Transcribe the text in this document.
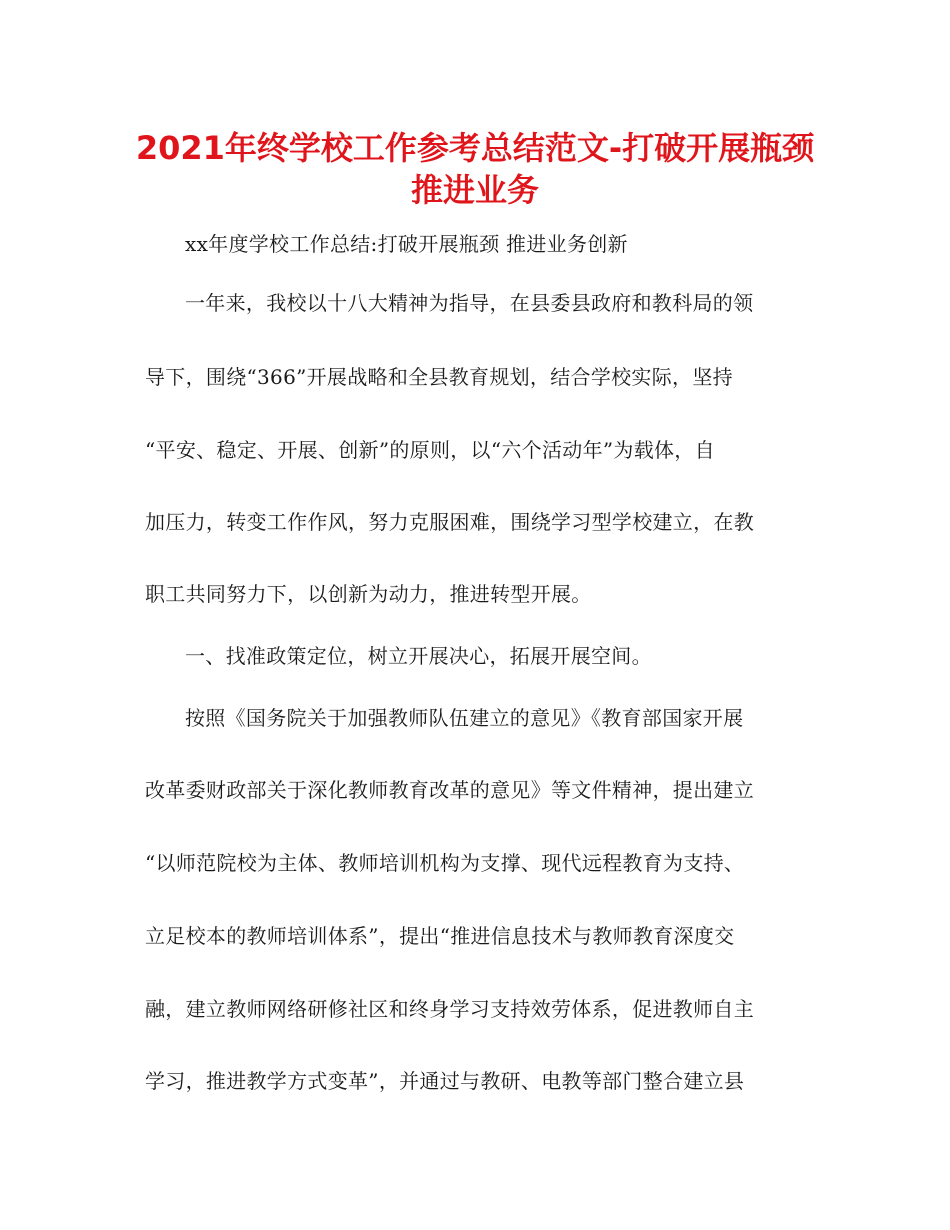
2021年终学校工作参考总结范文-打破开展瓶颈
推进业务
xx年度学校工作总结:打破开展瓶颈 推进业务创新
一年来，我校以十八大精神为指导，在县委县政府和教科局的领
导下，围绕“366”开展战略和全县教育规划，结合学校实际，坚持
“平安、稳定、开展、创新”的原则，以“六个活动年”为载体，自
加压力，转变工作作风，努力克服困难，围绕学习型学校建立，在教
职工共同努力下，以创新为动力，推进转型开展。
一、找准政策定位，树立开展决心，拓展开展空间。
按照《国务院关于加强教师队伍建立的意见》《教育部国家开展
改革委财政部关于深化教师教育改革的意见》等文件精神，提出建立
“以师范院校为主体、教师培训机构为支撑、现代远程教育为支持、
立足校本的教师培训体系”，提出“推进信息技术与教师教育深度交
融，建立教师网络研修社区和终身学习支持效劳体系，促进教师自主
学习，推进教学方式变革”，并通过与教研、电教等部门整合建立县
